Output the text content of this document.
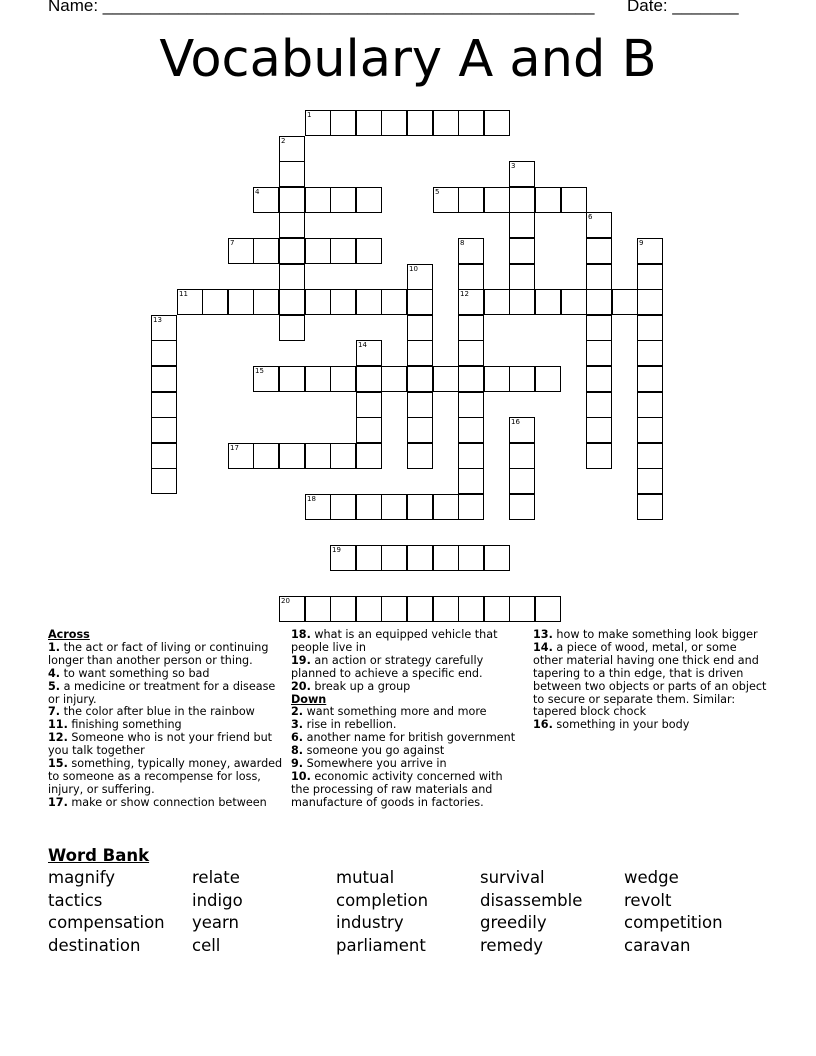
Name: ____________________________________________________ Date: _______
Vocabulary A and B
1
2
3
4	5
6
7	8
12
9
10
11
13
14
15
16
17
18
19
20

Across

1. the act or fact of living or continuing longer than another person or thing.

4. to want something so bad

5. a medicine or treatment for a disease or injury.

7. the color after blue in the rainbow

11. finishing something

12. Someone who is not your friend but you talk together

15. something, typically money, awarded to someone as a recompense for loss, injury, or suffering.

17. make or show connection between

18. what is an equipped vehicle that people live in

19. an action or strategy carefully planned to achieve a specific end.

20. break up a group

Down

2. want something more and more

3. rise in rebellion.

6. another name for british government

8. someone you go against

9. Somewhere you arrive in

10. economic activity concerned with the processing of raw materials and manufacture of goods in factories.

13. how to make something look bigger

14. a piece of wood, metal, or some other material having one thick end and tapering to a thin edge, that is driven between two objects or parts of an object to secure or separate them. Similar: tapered block chock

16. something in your body

Word Bank
magnify	relate	mutual	survival	wedge
tactics	indigo	completion	disassemble	revolt
compensation yearn	industry	greedily	competition
destination	cell	parliament	remedy	caravan
